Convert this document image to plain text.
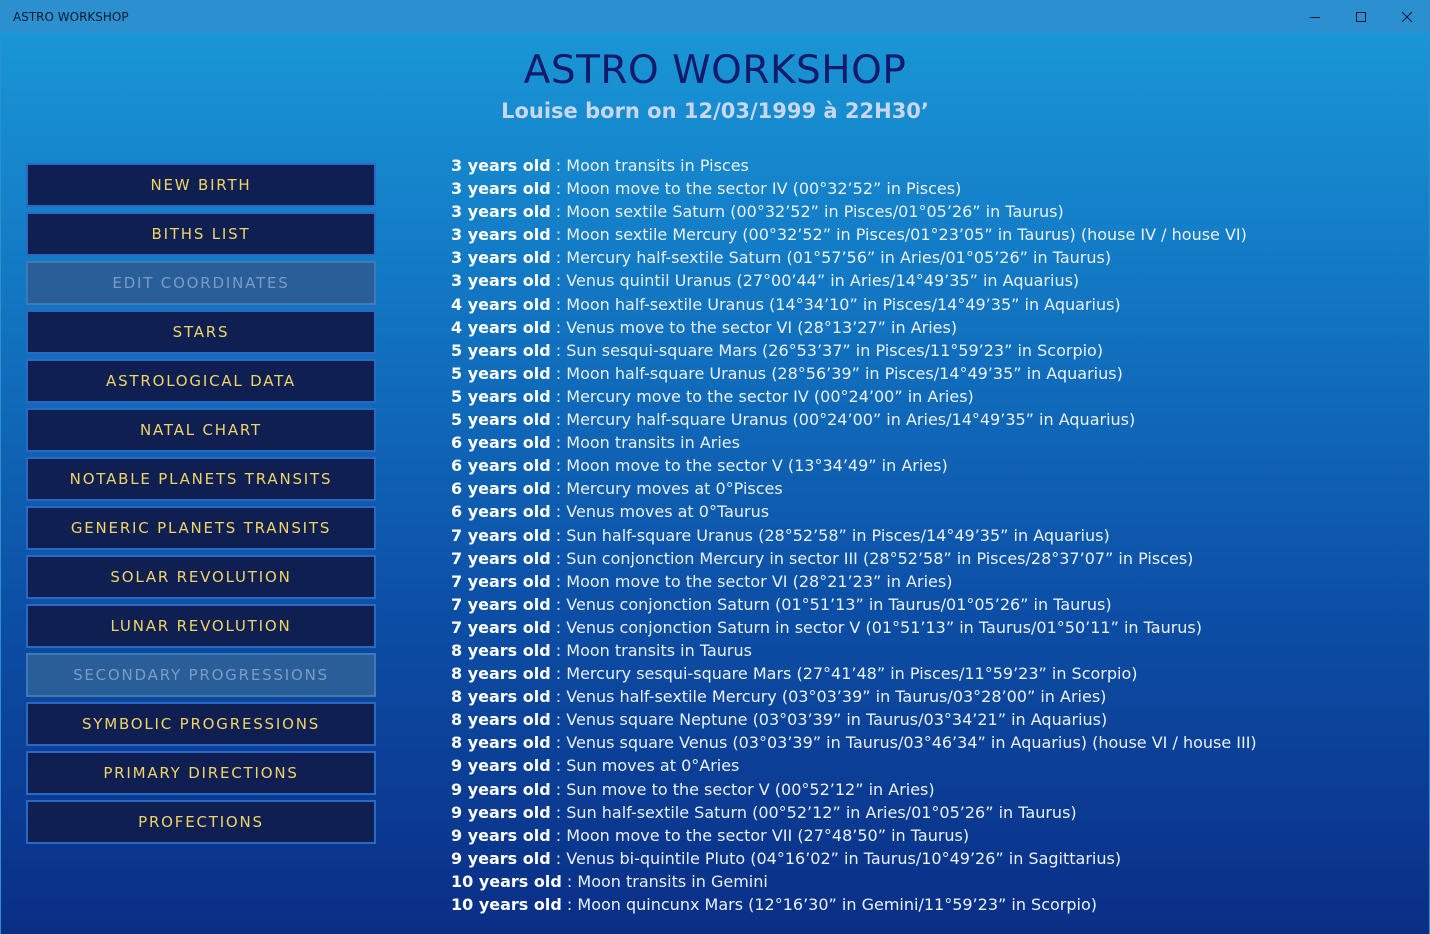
ASTRO WORKSHOP
ASTRO WORKSHOP
Louise born on 12/03/1999 à 22H30’
NEW BIRTH
BITHS LIST
EDIT COORDINATES
STARS
ASTROLOGICAL DATA
NATAL CHART
NOTABLE PLANETS TRANSITS
GENERIC PLANETS TRANSITS
SOLAR REVOLUTION
LUNAR REVOLUTION
SECONDARY PROGRESSIONS
SYMBOLIC PROGRESSIONS
PRIMARY DIRECTIONS
PROFECTIONS
3 years old : Moon transits in Pisces
3 years old : Moon move to the sector IV (00°32’52” in Pisces)
3 years old : Moon sextile Saturn (00°32’52” in Pisces/01°05’26” in Taurus)
3 years old : Moon sextile Mercury (00°32’52” in Pisces/01°23’05” in Taurus) (house IV / house VI)
3 years old : Mercury half-sextile Saturn (01°57’56” in Aries/01°05’26” in Taurus)
3 years old : Venus quintil Uranus (27°00’44” in Aries/14°49’35” in Aquarius)
4 years old : Moon half-sextile Uranus (14°34’10” in Pisces/14°49’35” in Aquarius)
4 years old : Venus move to the sector VI (28°13’27” in Aries)
5 years old : Sun sesqui-square Mars (26°53’37” in Pisces/11°59’23” in Scorpio)
5 years old : Moon half-square Uranus (28°56’39” in Pisces/14°49’35” in Aquarius)
5 years old : Mercury move to the sector IV (00°24’00” in Aries)
5 years old : Mercury half-square Uranus (00°24’00” in Aries/14°49’35” in Aquarius)
6 years old : Moon transits in Aries
6 years old : Moon move to the sector V (13°34’49” in Aries)
6 years old : Mercury moves at 0°Pisces
6 years old : Venus moves at 0°Taurus
7 years old : Sun half-square Uranus (28°52’58” in Pisces/14°49’35” in Aquarius)
7 years old : Sun conjonction Mercury in sector III (28°52’58” in Pisces/28°37’07” in Pisces)
7 years old : Moon move to the sector VI (28°21’23” in Aries)
7 years old : Venus conjonction Saturn (01°51’13” in Taurus/01°05’26” in Taurus)
7 years old : Venus conjonction Saturn in sector V (01°51’13” in Taurus/01°50’11” in Taurus)
8 years old : Moon transits in Taurus
8 years old : Mercury sesqui-square Mars (27°41’48” in Pisces/11°59’23” in Scorpio)
8 years old : Venus half-sextile Mercury (03°03’39” in Taurus/03°28’00” in Aries)
8 years old : Venus square Neptune (03°03’39” in Taurus/03°34’21” in Aquarius)
8 years old : Venus square Venus (03°03’39” in Taurus/03°46’34” in Aquarius) (house VI / house III)
9 years old : Sun moves at 0°Aries
9 years old : Sun move to the sector V (00°52’12” in Aries)
9 years old : Sun half-sextile Saturn (00°52’12” in Aries/01°05’26” in Taurus)
9 years old : Moon move to the sector VII (27°48’50” in Taurus)
9 years old : Venus bi-quintile Pluto (04°16’02” in Taurus/10°49’26” in Sagittarius)
10 years old : Moon transits in Gemini
10 years old : Moon quincunx Mars (12°16’30” in Gemini/11°59’23” in Scorpio)
